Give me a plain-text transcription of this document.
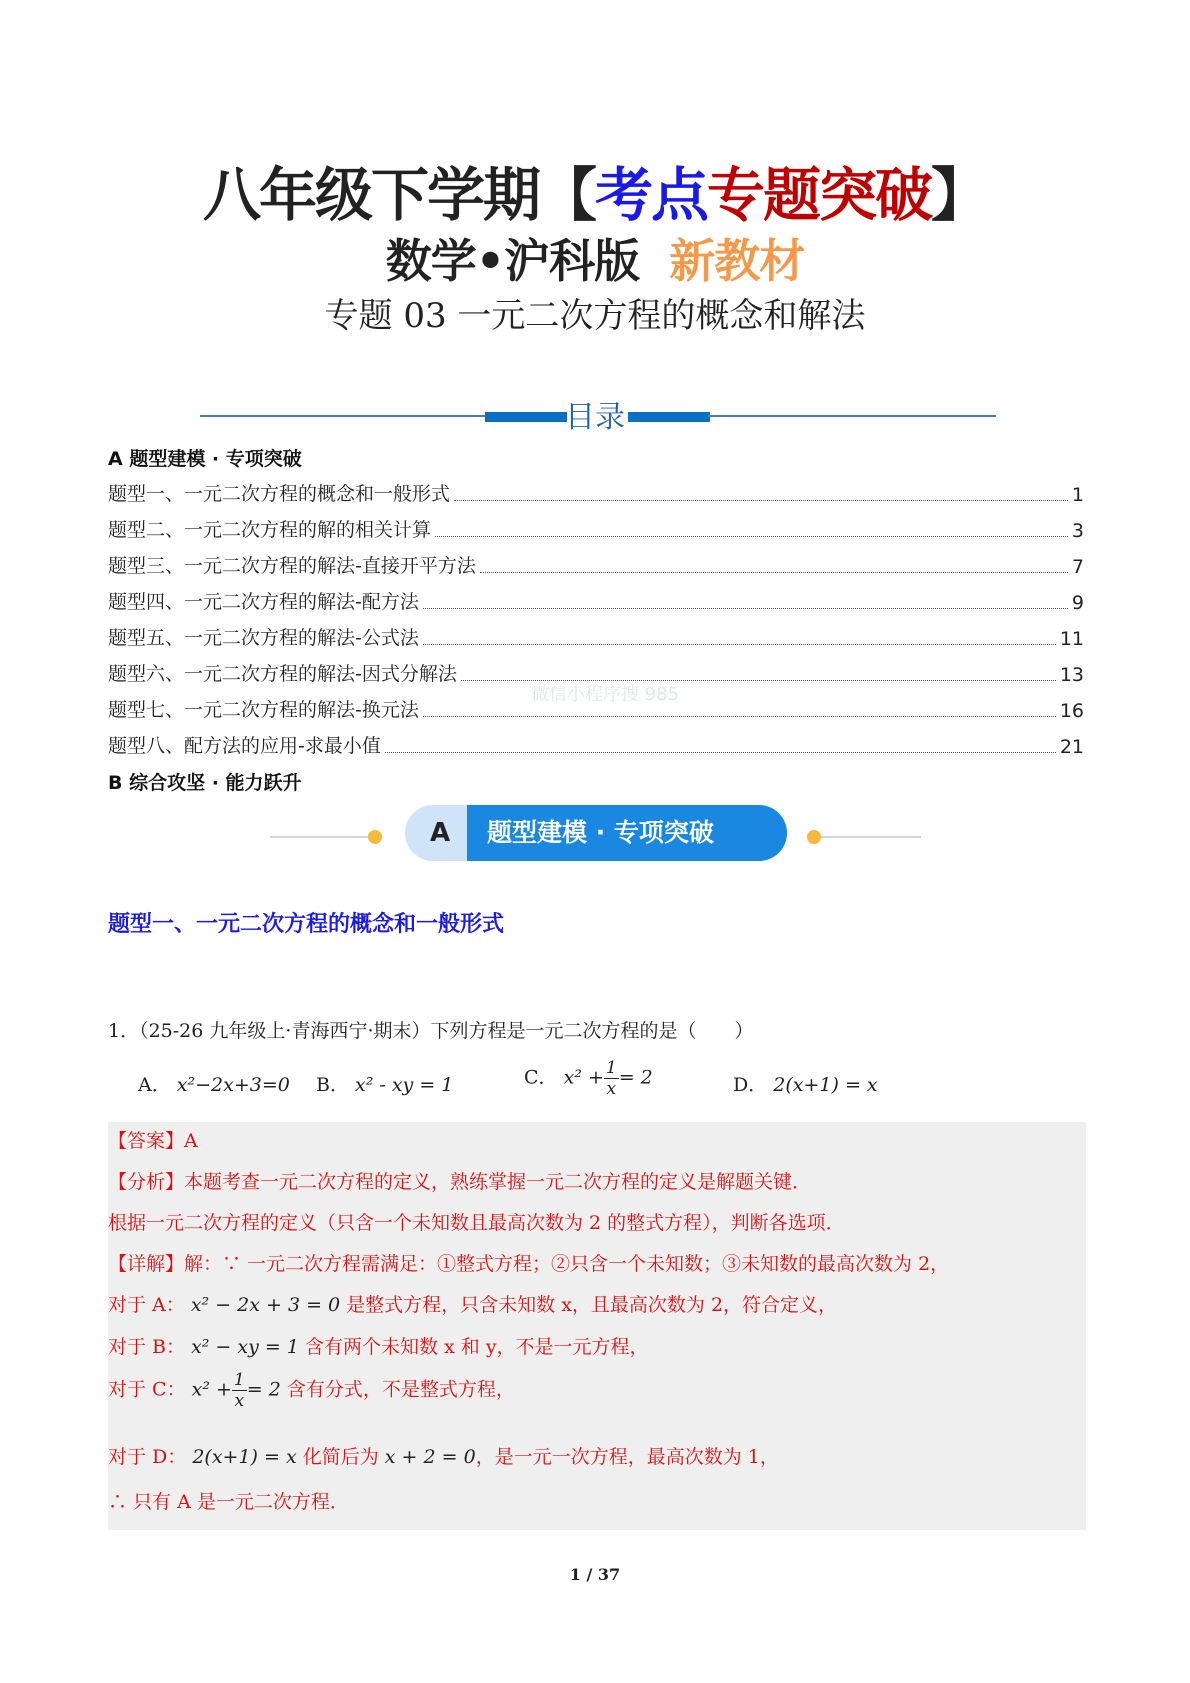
八年级下学期【考点专题突破】
数学•沪科版 新教材
专题 03 一元二次方程的概念和解法
目录
A 题型建模 · 专项突破
题型一、一元二次方程的概念和一般形式	1
题型二、一元二次方程的解的相关计算	3
题型三、一元二次方程的解法-直接开平方法	7
题型四、一元二次方程的解法-配方法	9
题型五、一元二次方程的解法-公式法	11
题型六、一元二次方程的解法-因式分解法	13
题型七、一元二次方程的解法-换元法	16
题型八、配方法的应用-求最小值	21
B 综合攻坚 · 能力跃升
微信小程序搜 985
A	题型建模 · 专项突破
题型一、一元二次方程的概念和一般形式
1．（25-26 九年级上·青海西宁·期末）下列方程是一元二次方程的是（　　）
A． x²−2x+3=0 B． x² - xy = 1	C． $x^2 + \frac{1}{x} = 2$	D． 2(x+1) = x
【答案】A
【分析】本题考查一元二次方程的定义，熟练掌握一元二次方程的定义是解题关键．
根据一元二次方程的定义（只含一个未知数且最高次数为 2 的整式方程），判断各选项．
【详解】解：∵ 一元二次方程需满足：①整式方程；②只含一个未知数；③未知数的最高次数为 2，
对于 A： x² − 2x + 3 = 0 是整式方程，只含未知数 x，且最高次数为 2，符合定义，
对于 B： x² − xy = 1 含有两个未知数 x 和 y，不是一元方程，
对于 C： $x^2 + \frac{1}{x} = 2$ 含有分式，不是整式方程，
对于 D： 2(x+1) = x 化简后为 x + 2 = 0，是一元一次方程，最高次数为 1，
∴ 只有 A 是一元二次方程．
1 / 37
